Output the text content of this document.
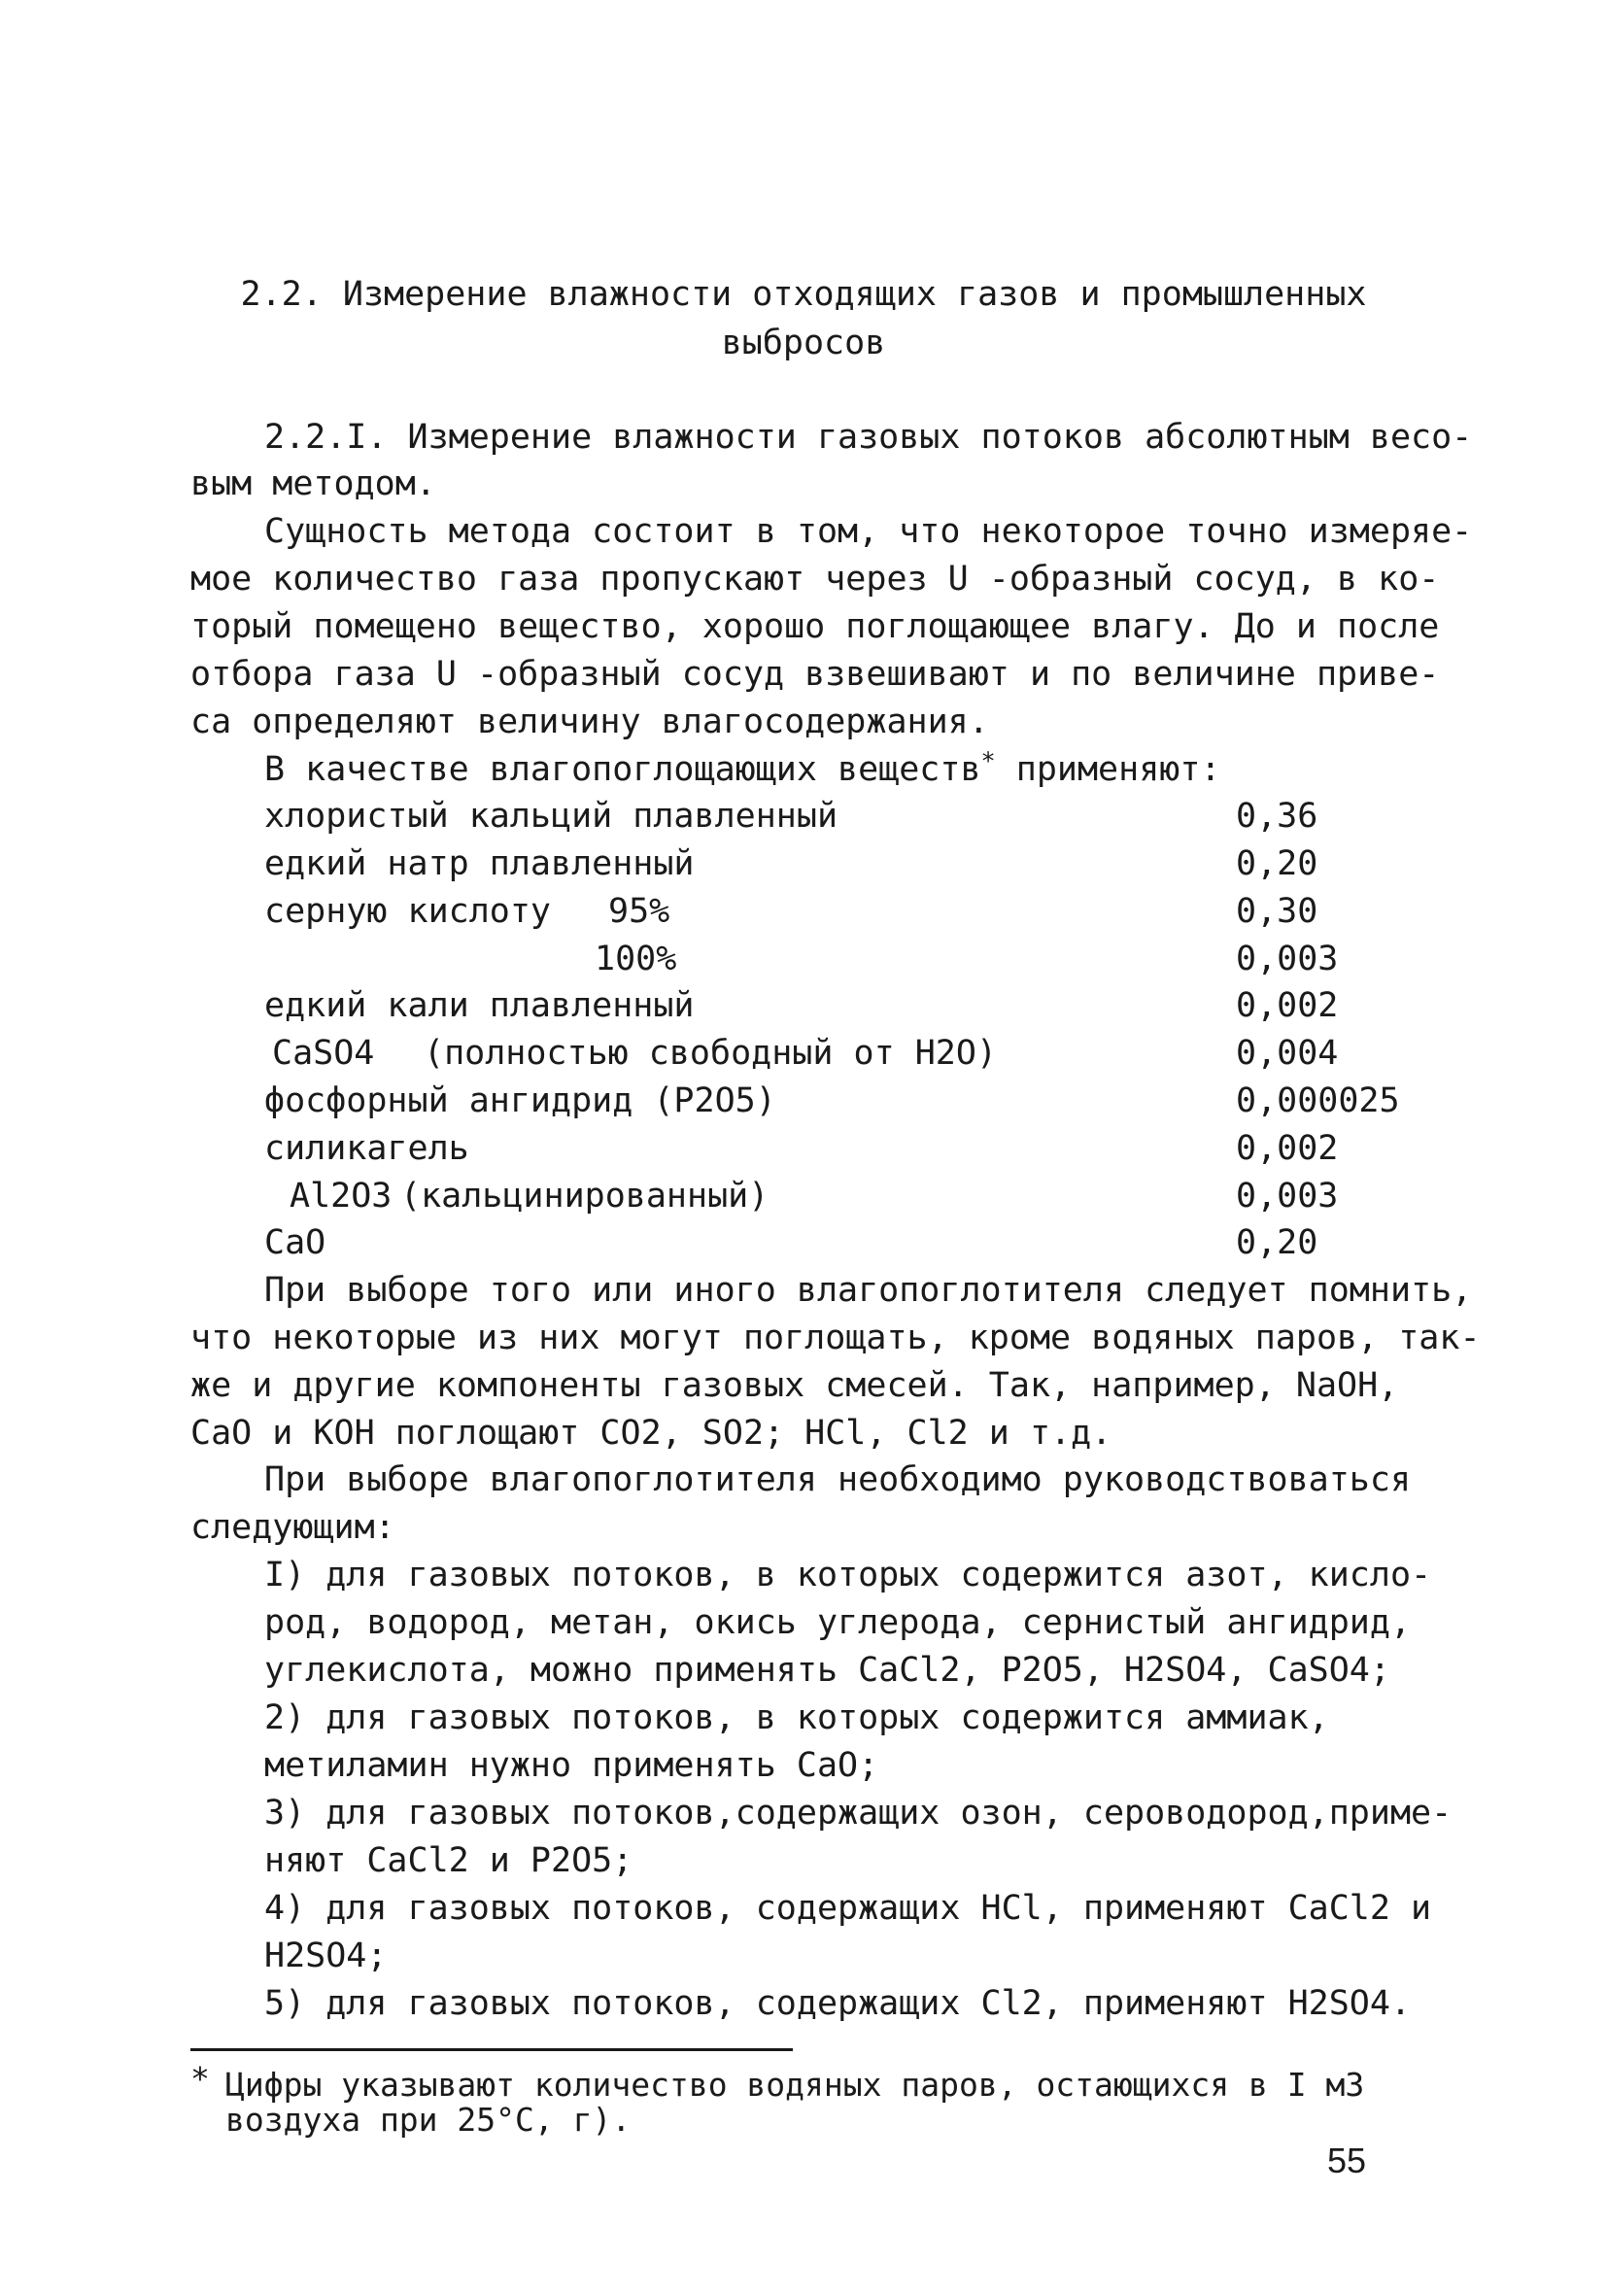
2.2. Измерение влажности отходящих газов и промышленных
выбросов
2.2.I. Измерение влажности газовых потоков абсолютным весо-
вым методом.
Сущность метода состоит в том, что некоторое точно измеряе-
мое количество газа пропускают через U -образный сосуд, в ко-
торый помещено вещество, хорошо поглощающее влагу. До и после
отбора газа U -образный сосуд взвешивают и по величине приве-
са определяют величину влагосодержания.
В качестве влагопоглощающих веществ* применяют:
хлористый кальций плавленный	0,36
едкий натр плавленный	0,20
серную кислоту 95%	0,30
100%	0,003
едкий кали плавленный	0,002
CaSO4 (полностью свободный от H2O)	0,004
фосфорный ангидрид (P2O5)	0,000025
силикагель	0,002
Al2O3 (кальцинированный)	0,003
CaO	0,20
При выборе того или иного влагопоглотителя следует помнить,
что некоторые из них могут поглощать, кроме водяных паров, так-
же и другие компоненты газовых смесей. Так, например, NaOH,
CaO и KOH поглощают CO2, SO2; HCl, Cl2 и т.д.
При выборе влагопоглотителя необходимо руководствоваться
следующим:
I) для газовых потоков, в которых содержится азот, кисло-
род, водород, метан, окись углерода, сернистый ангидрид,
углекислота, можно применять CaCl2, P2O5, H2SO4, CaSO4;
2) для газовых потоков, в которых содержится аммиак,
метиламин нужно применять CaO;
3) для газовых потоков,содержащих озон, сероводород,приме-
няют CaCl2 и P2O5;
4) для газовых потоков, содержащих HCl, применяют CaCl2 и
H2SO4;
5) для газовых потоков, содержащих Cl2, применяют H2SO4.
* Цифры указывают количество водяных паров, остающихся в I м3
воздуха при 25°C, г).
55
